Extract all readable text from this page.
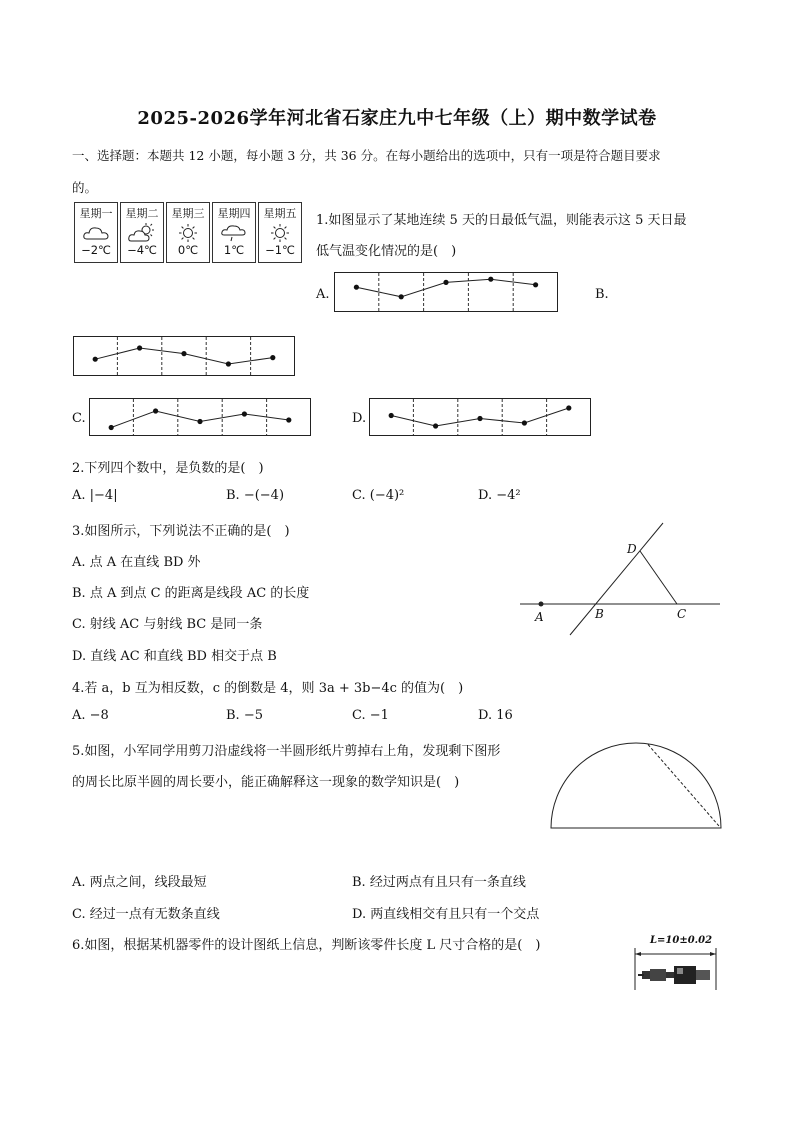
2025-2026学年河北省石家庄九中七年级（上）期中数学试卷
一、选择题：本题共 12 小题，每小题 3 分，共 36 分。在每小题给出的选项中，只有一项是符合题目要求
的。
星期一
−2℃
星期二
−4℃
星期三
0℃
星期四
1℃
星期五
−1℃
1.如图显示了某地连续 5 天的日最低气温，则能表示这 5 天日最
低气温变化情况的是(　)
A.	B.
C.	D.
2.下列四个数中，是负数的是(　)
A. |−4|	B. −(−4)	C. (−4)²	D. −4²
3.如图所示，下列说法不正确的是(　)
A. 点 A 在直线 BD 外
B. 点 A 到点 C 的距离是线段 AC 的长度
C. 射线 AC 与射线 BC 是同一条
D. 直线 AC 和直线 BD 相交于点 B
A	B	C
D
4.若 a，b 互为相反数，c 的倒数是 4，则 3a + 3b−4c 的值为(　)
A. −8	B. −5	C. −1	D. 16
5.如图，小军同学用剪刀沿虚线将一半圆形纸片剪掉右上角，发现剩下图形
的周长比原半圆的周长要小，能正确解释这一现象的数学知识是(　)
A. 两点之间，线段最短	B. 经过两点有且只有一条直线
C. 经过一点有无数条直线	D. 两直线相交有且只有一个交点
6.如图，根据某机器零件的设计图纸上信息，判断该零件长度 L 尺寸合格的是(　)	L=10±0.02
